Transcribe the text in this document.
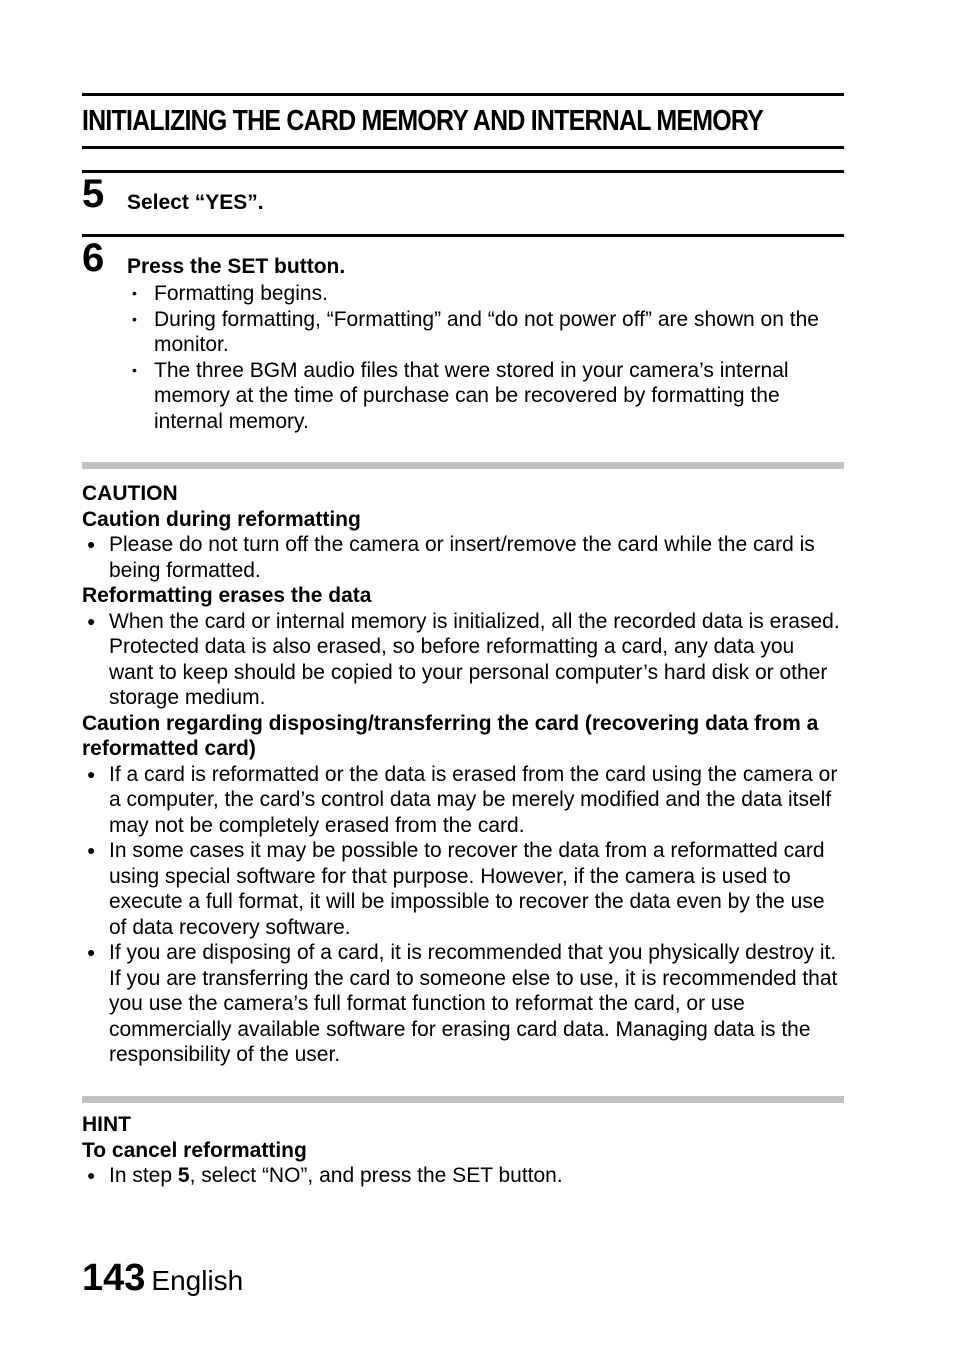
INITIALIZING THE CARD MEMORY AND INTERNAL MEMORY
5 Select “YES”.
6 Press the SET button.
• Formatting begins.
• During formatting, “Formatting” and “do not power off” are shown on the monitor.
• The three BGM audio files that were stored in your camera’s internal memory at the time of purchase can be recovered by formatting the internal memory.
CAUTION
Caution during reformatting
● Please do not turn off the camera or insert/remove the card while the card is being formatted.
Reformatting erases the data
● When the card or internal memory is initialized, all the recorded data is erased. Protected data is also erased, so before reformatting a card, any data you want to keep should be copied to your personal computer’s hard disk or other storage medium.
Caution regarding disposing/transferring the card (recovering data from a reformatted card)
● If a card is reformatted or the data is erased from the card using the camera or a computer, the card’s control data may be merely modified and the data itself may not be completely erased from the card.
● In some cases it may be possible to recover the data from a reformatted card using special software for that purpose. However, if the camera is used to execute a full format, it will be impossible to recover the data even by the use of data recovery software.
● If you are disposing of a card, it is recommended that you physically destroy it. If you are transferring the card to someone else to use, it is recommended that you use the camera’s full format function to reformat the card, or use commercially available software for erasing card data. Managing data is the responsibility of the user.
HINT
To cancel reformatting
● In step 5, select “NO”, and press the SET button.
143 English
